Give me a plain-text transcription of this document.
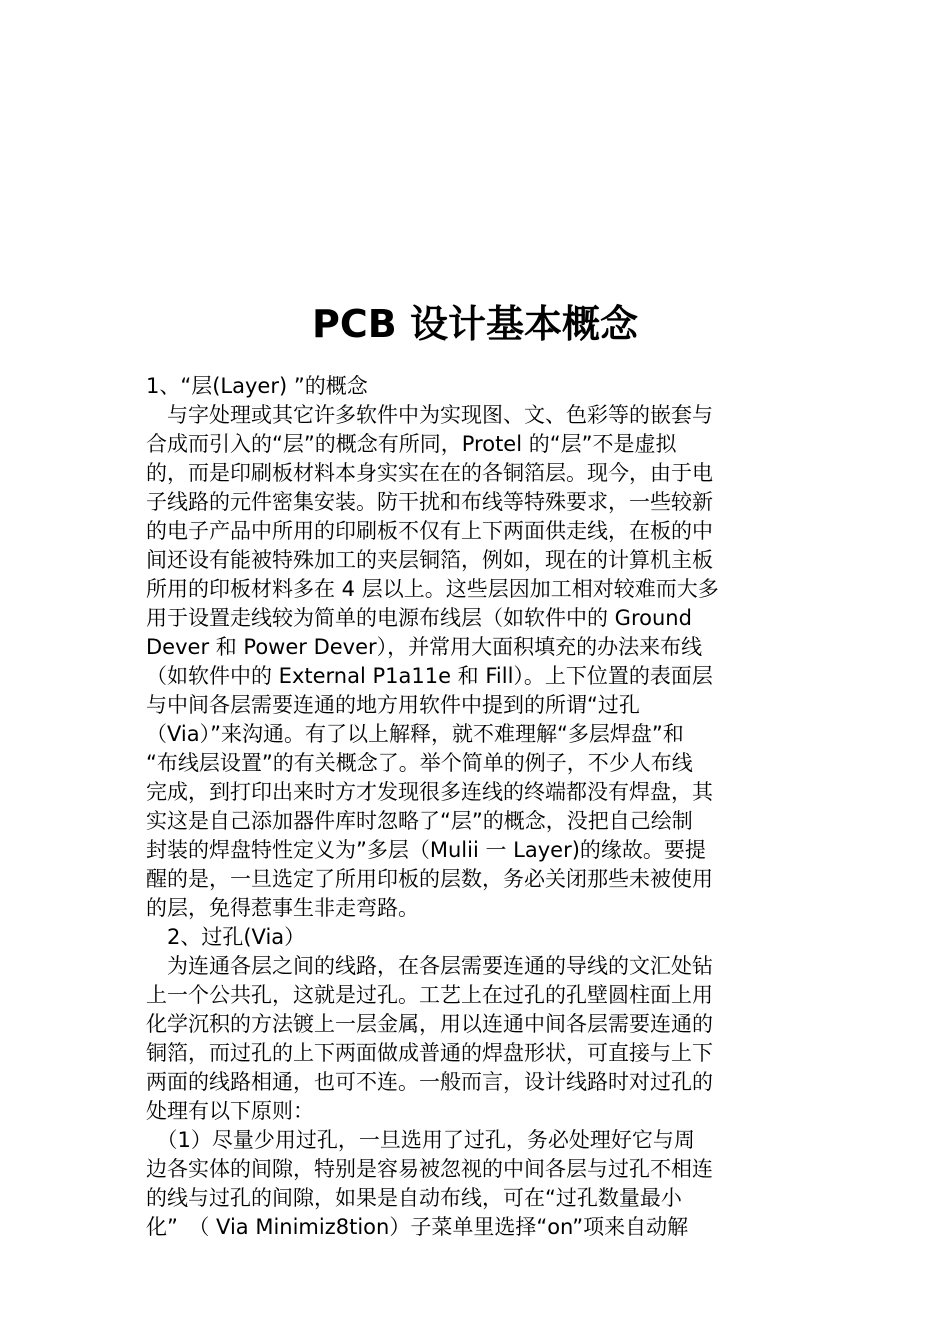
PCB 设计基本概念
1、“层(Layer) ”的概念
　与字处理或其它许多软件中为实现图、文、色彩等的嵌套与
合成而引入的“层”的概念有所同，Protel 的“层”不是虚拟
的，而是印刷板材料本身实实在在的各铜箔层。现今，由于电
子线路的元件密集安装。防干扰和布线等特殊要求，一些较新
的电子产品中所用的印刷板不仅有上下两面供走线，在板的中
间还设有能被特殊加工的夹层铜箔，例如，现在的计算机主板
所用的印板材料多在 4 层以上。这些层因加工相对较难而大多
用于设置走线较为简单的电源布线层（如软件中的 Ground
Dever 和 Power Dever），并常用大面积填充的办法来布线
（如软件中的 External P1a11e 和 Fill）。上下位置的表面层
与中间各层需要连通的地方用软件中提到的所谓“过孔
（Via）”来沟通。有了以上解释，就不难理解“多层焊盘”和
“布线层设置”的有关概念了。举个简单的例子，不少人布线
完成，到打印出来时方才发现很多连线的终端都没有焊盘，其
实这是自己添加器件库时忽略了“层”的概念，没把自己绘制
封装的焊盘特性定义为”多层（Mulii 一 Layer)的缘故。要提
醒的是，一旦选定了所用印板的层数，务必关闭那些未被使用
的层，免得惹事生非走弯路。
　2、过孔(Via）
　为连通各层之间的线路，在各层需要连通的导线的文汇处钻
上一个公共孔，这就是过孔。工艺上在过孔的孔壁圆柱面上用
化学沉积的方法镀上一层金属，用以连通中间各层需要连通的
铜箔，而过孔的上下两面做成普通的焊盘形状，可直接与上下
两面的线路相通，也可不连。一般而言，设计线路时对过孔的
处理有以下原则：
　（1）尽量少用过孔，一旦选用了过孔，务必处理好它与周
边各实体的间隙，特别是容易被忽视的中间各层与过孔不相连
的线与过孔的间隙，如果是自动布线，可在“过孔数量最小
化”　（ Via Minimiz8tion）子菜单里选择“on”项来自动解
